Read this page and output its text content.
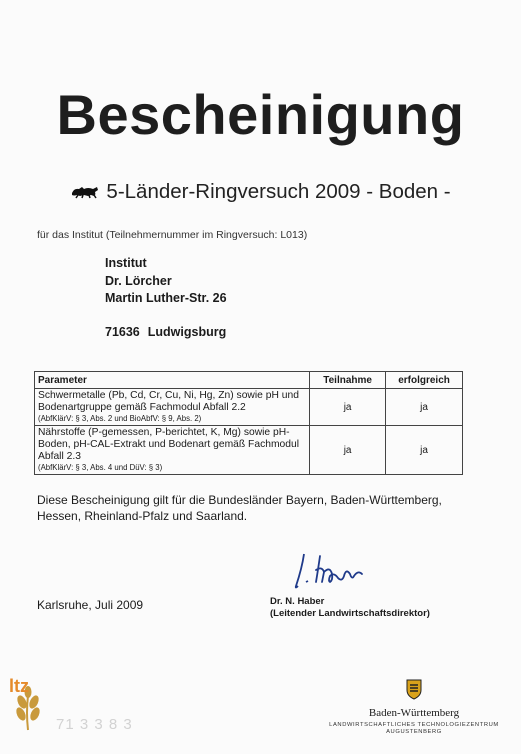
Bescheinigung
5-Länder-Ringversuch 2009 - Boden -
für das Institut (Teilnehmernummer im Ringversuch: L013)
Institut
Dr. Lörcher
Martin Luther-Str. 26
71636 Ludwigsburg
Parameter	Teilnahme	erfolgreich

Schwermetalle (Pb, Cd, Cr, Cu, Ni, Hg, Zn) sowie pH und Bodenartgruppe gemäß Fachmodul Abfall 2.2
(AbfKlärV: § 3, Abs. 2 und BioAbfV: § 9, Abs. 2)	ja	ja

Nährstoffe (P-gemessen, P-berichtet, K, Mg) sowie pH-Boden, pH-CAL-Extrakt und Bodenart gemäß Fachmodul Abfall 2.3
(AbfKlärV: § 3, Abs. 4 und DüV: § 3)	ja	ja
Diese Bescheinigung gilt für die Bundesländer Bayern, Baden-Württemberg, Hessen, Rheinland-Pfalz und Saarland.
Karlsruhe, Juli 2009	Dr. N. Haber
(Leitender Landwirtschaftsdirektor)
ltz
71 3 3 8 3
Baden-Württemberg
LANDWIRTSCHAFTLICHES TECHNOLOGIEZENTRUM
AUGUSTENBERG
